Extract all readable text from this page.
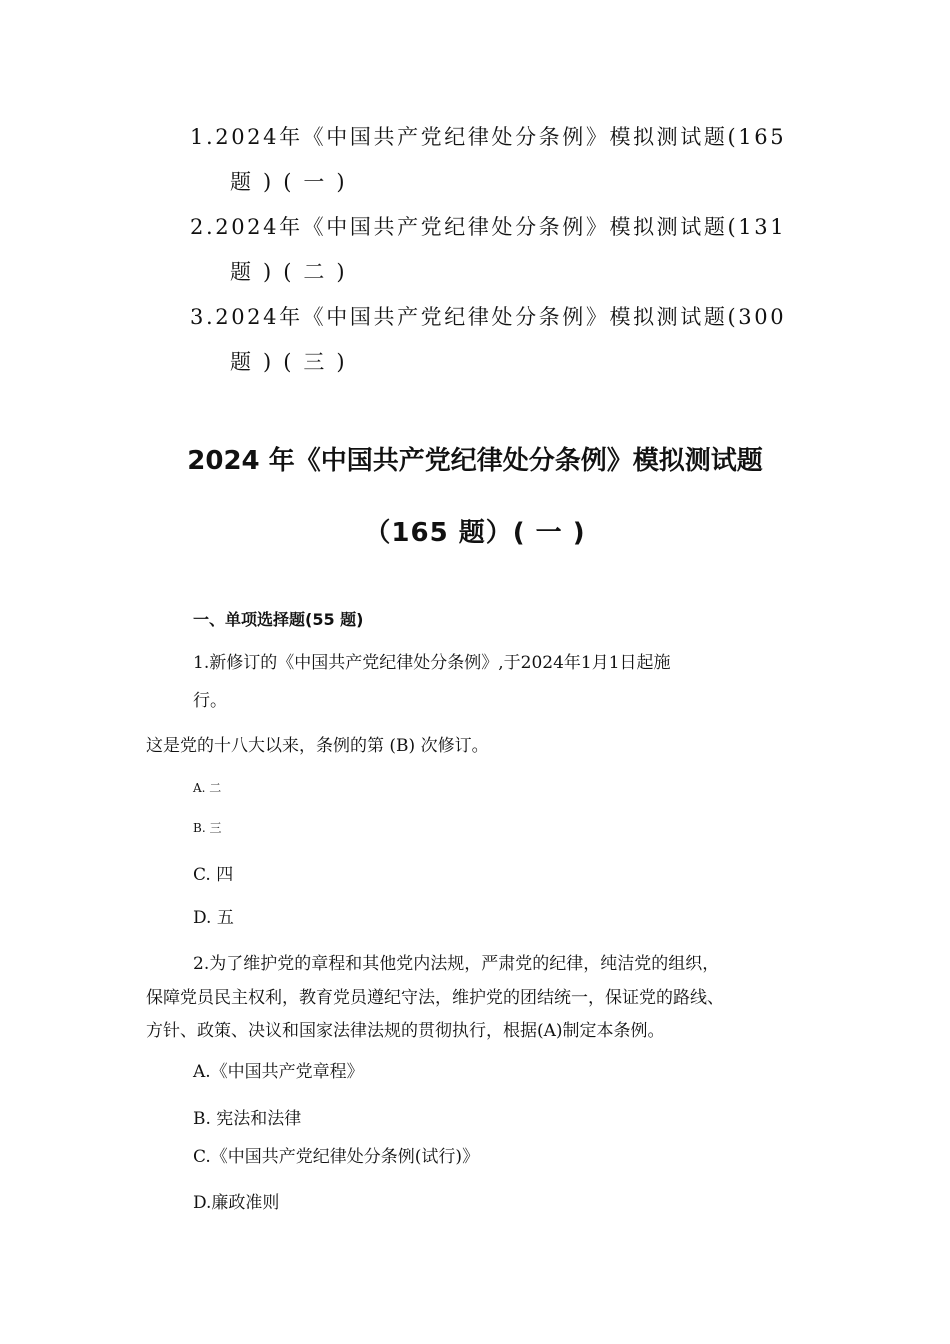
1.2024年《中国共产党纪律处分条例》模拟测试题(165
题)(一)
2.2024年《中国共产党纪律处分条例》模拟测试题(131
题)(二)
3.2024年《中国共产党纪律处分条例》模拟测试题(300
题)(三)
2024 年《中国共产党纪律处分条例》模拟测试题
（165 题）( 一 )
一、单项选择题(55 题)
1.新修订的《中国共产党纪律处分条例》,于2024年1月1日起施
行。
这是党的十八大以来，条例的第 (B) 次修订。
A. 二
B. 三
C. 四
D. 五
2.为了维护党的章程和其他党内法规，严肃党的纪律，纯洁党的组织，
保障党员民主权利，教育党员遵纪守法，维护党的团结统一，保证党的路线、
方针、政策、决议和国家法律法规的贯彻执行，根据(A)制定本条例。
A.《中国共产党章程》
B. 宪法和法律
C.《中国共产党纪律处分条例(试行)》
D.廉政准则
